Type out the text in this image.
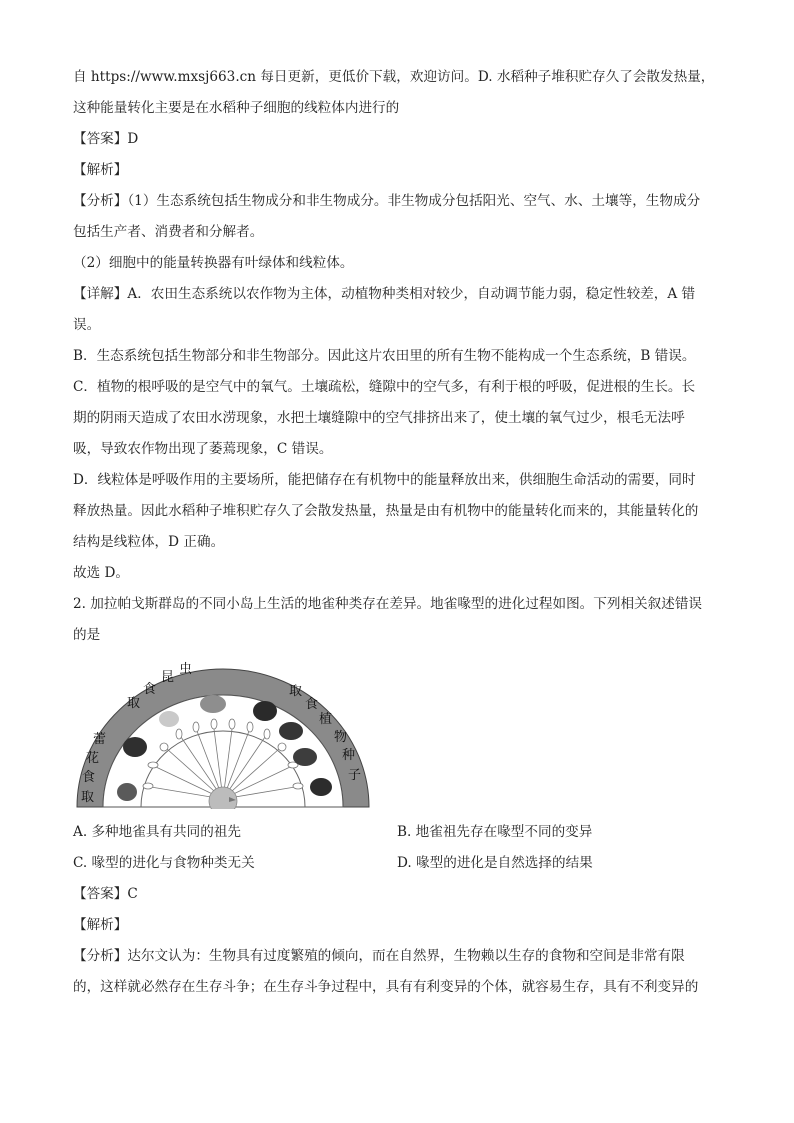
自 https://www.mxsj663.cn 每日更新，更低价下载，欢迎访问。D. 水稻种子堆积贮存久了会散发热量，
这种能量转化主要是在水稻种子细胞的线粒体内进行的
【答案】D
【解析】
【分析】（1）生态系统包括生物成分和非生物成分。非生物成分包括阳光、空气、水、土壤等，生物成分
包括生产者、消费者和分解者。
（2）细胞中的能量转换器有叶绿体和线粒体。
【详解】A．农田生态系统以农作物为主体，动植物种类相对较少，自动调节能力弱，稳定性较差，A 错
误。
B．生态系统包括生物部分和非生物部分。因此这片农田里的所有生物不能构成一个生态系统，B 错误。
C．植物的根呼吸的是空气中的氧气。土壤疏松，缝隙中的空气多，有利于根的呼吸，促进根的生长。长
期的阴雨天造成了农田水涝现象，水把土壤缝隙中的空气排挤出来了，使土壤的氧气过少，根毛无法呼
吸，导致农作物出现了萎蔫现象，C 错误。
D．线粒体是呼吸作用的主要场所，能把储存在有机物中的能量释放出来，供细胞生命活动的需要，同时
释放热量。因此水稻种子堆积贮存久了会散发热量，热量是由有机物中的能量转化而来的，其能量转化的
结构是线粒体，D 正确。
故选 D。
2. 加拉帕戈斯群岛的不同小岛上生活的地雀种类存在差异。地雀喙型的进化过程如图。下列相关叙述错误
的是
取
食
昆
虫
取
食
植
物
种
子
蕾
花
食
取
A. 多种地雀具有共同的祖先	B. 地雀祖先存在喙型不同的变异
C. 喙型的进化与食物种类无关	D. 喙型的进化是自然选择的结果
【答案】C
【解析】
【分析】达尔文认为：生物具有过度繁殖的倾向，而在自然界，生物赖以生存的食物和空间是非常有限
的，这样就必然存在生存斗争；在生存斗争过程中，具有有利变异的个体，就容易生存，具有不利变异的
